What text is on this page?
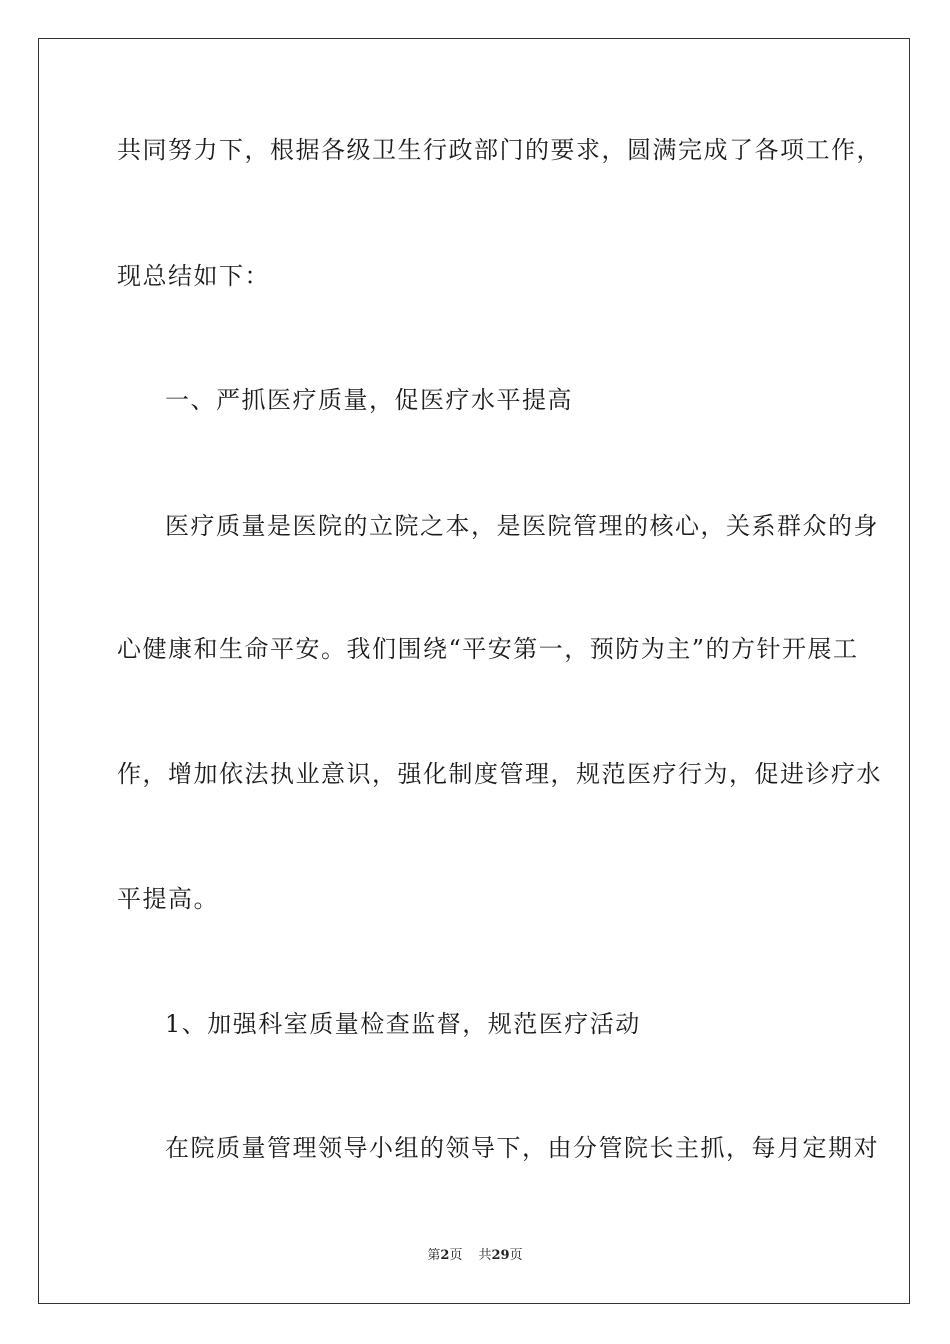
共同努力下，根据各级卫生行政部门的要求，圆满完成了各项工作，
现总结如下：
一、严抓医疗质量，促医疗水平提高
医疗质量是医院的立院之本，是医院管理的核心，关系群众的身
心健康和生命平安。我们围绕“平安第一，预防为主”的方针开展工
作，增加依法执业意识，强化制度管理，规范医疗行为，促进诊疗水
平提高。
1、加强科室质量检查监督，规范医疗活动
在院质量管理领导小组的领导下，由分管院长主抓，每月定期对
第2页 共29页
